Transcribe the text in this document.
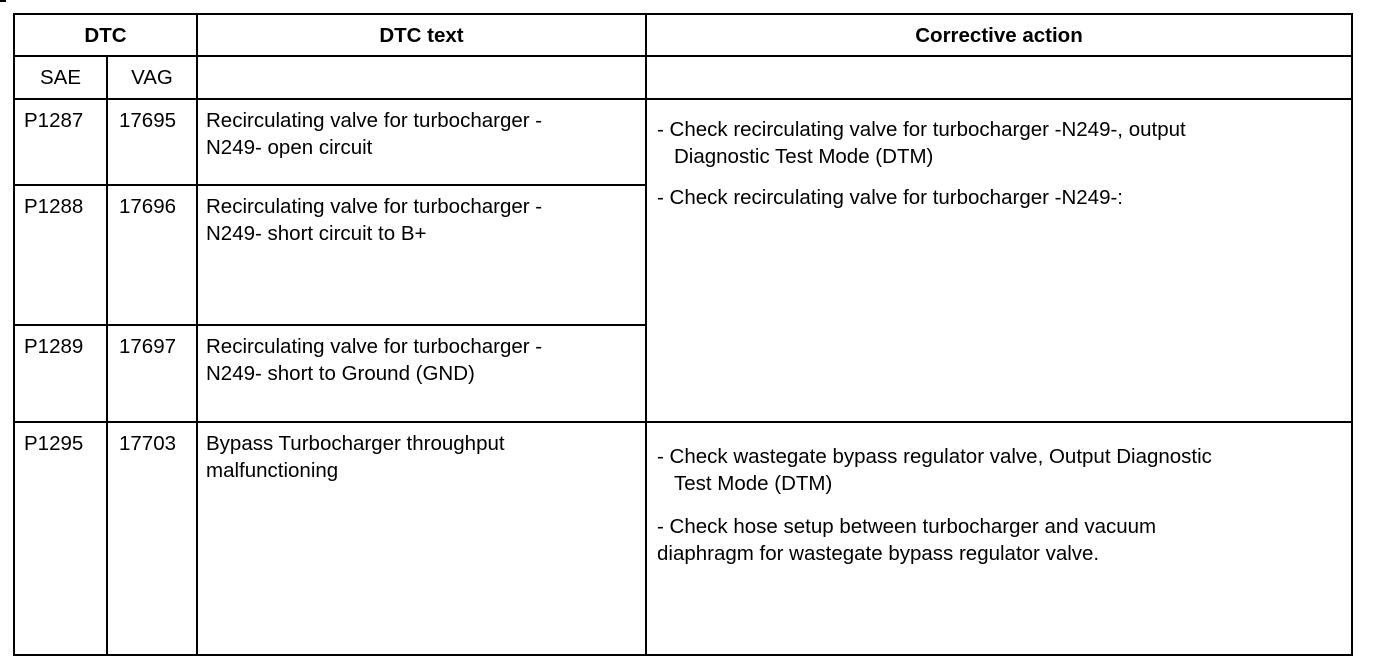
DTC		DTC text	Corrective action
SAE	VAG		
P1287	17695	Recirculating valve for turbocharger -
N249- open circuit	- Check recirculating valve for turbocharger -N249-, output
Diagnostic Test Mode (DTM)
- Check recirculating valve for turbocharger -N249-:

P1288	17696	Recirculating valve for turbocharger -
N249- short circuit to B+	

P1289	17697	Recirculating valve for turbocharger -
N249- short to Ground (GND)	

P1295	17703	Bypass Turbocharger throughput
malfunctioning	- Check wastegate bypass regulator valve, Output Diagnostic
Test Mode (DTM)
- Check hose setup between turbocharger and vacuum
diaphragm for wastegate bypass regulator valve.
